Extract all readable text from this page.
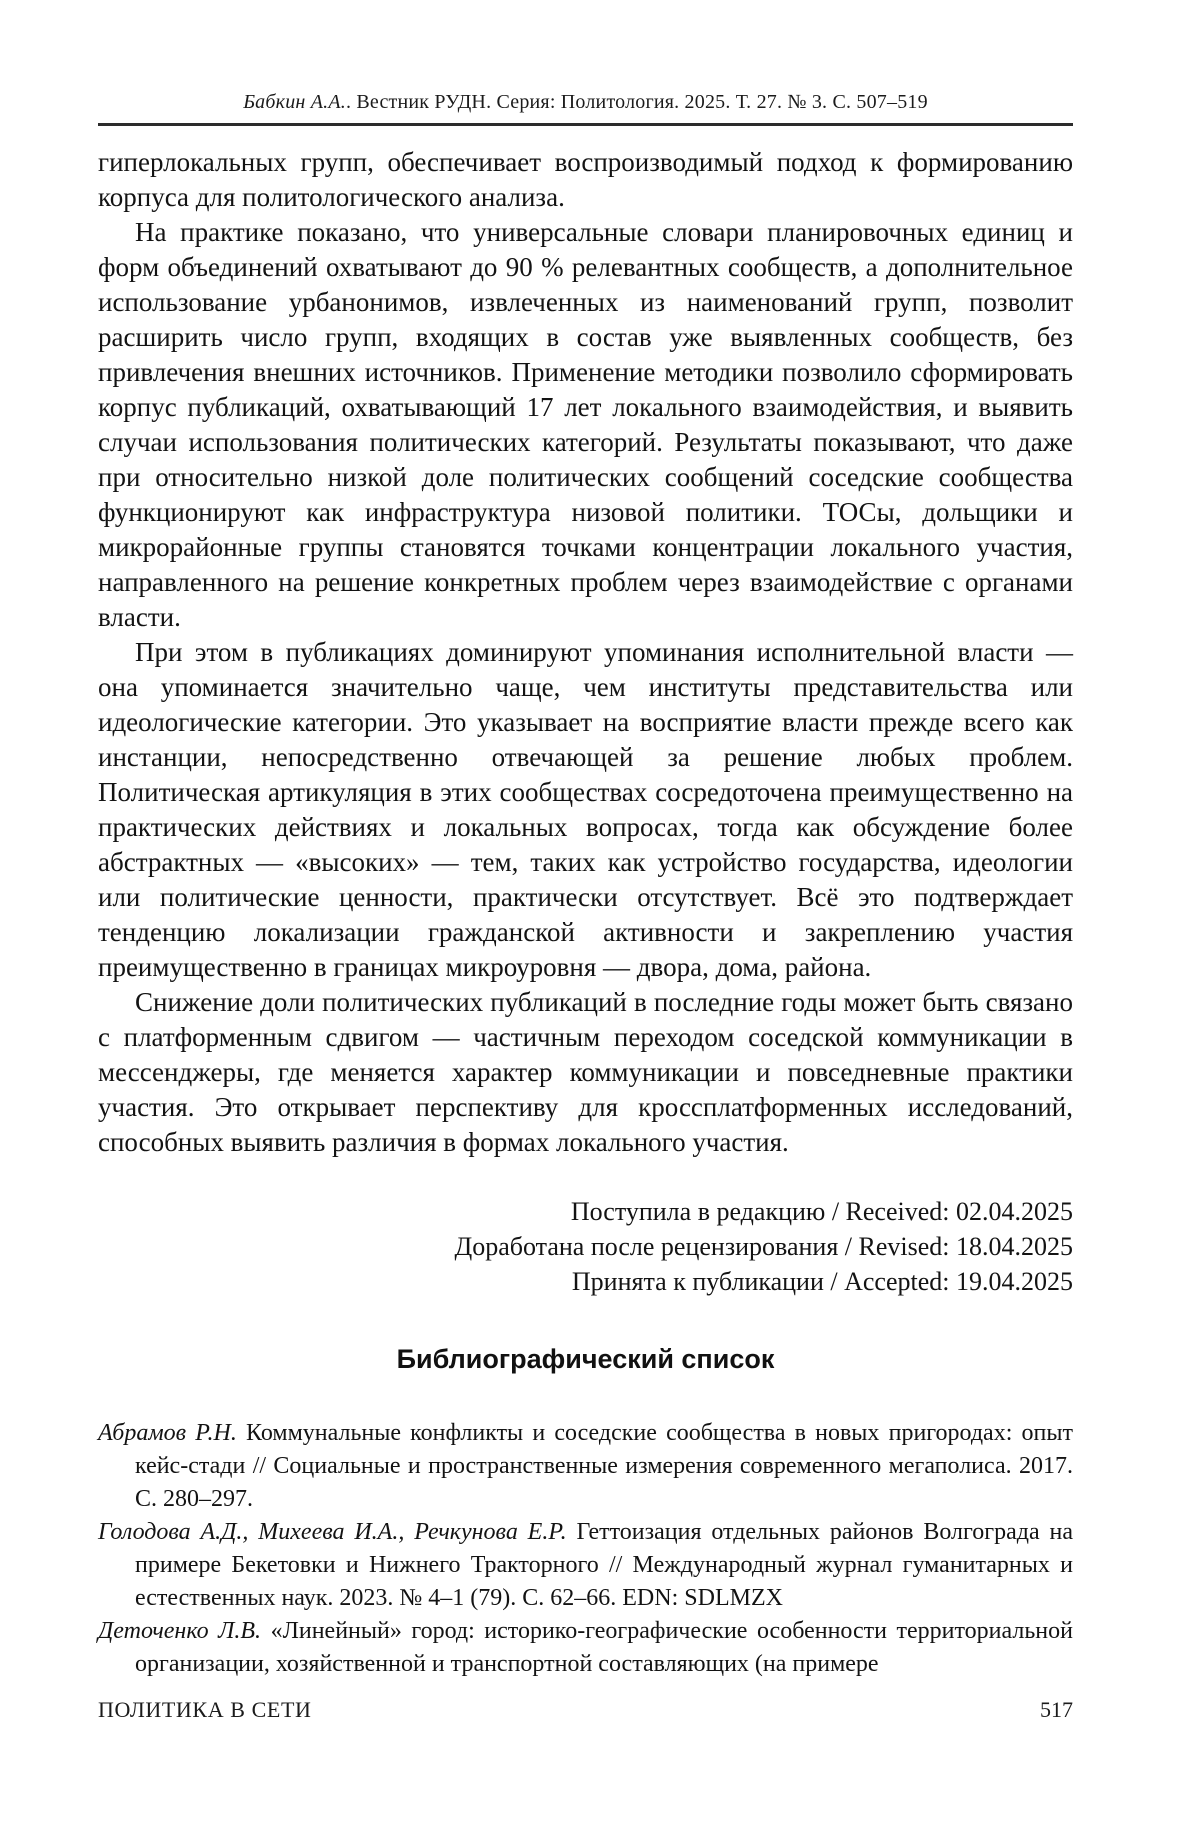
Бабкин А.А.. Вестник РУДН. Серия: Политология. 2025. Т. 27. № 3. С. 507–519

гиперлокальных групп, обеспечивает воспроизводимый подход к формированию корпуса для политологического анализа.

На практике показано, что универсальные словари планировочных единиц и форм объединений охватывают до 90 % релевантных сообществ, а дополнительное использование урбанонимов, извлеченных из наименований групп, позволит расширить число групп, входящих в состав уже выявленных сообществ, без привлечения внешних источников. Применение методики позволило сформировать корпус публикаций, охватывающий 17 лет локального взаимодействия, и выявить случаи использования политических категорий. Результаты показывают, что даже при относительно низкой доле политических сообщений соседские сообщества функционируют как инфраструктура низовой политики. ТОСы, дольщики и микрорайонные группы становятся точками концентрации локального участия, направленного на решение конкретных проблем через взаимодействие с органами власти.

При этом в публикациях доминируют упоминания исполнительной власти — она упоминается значительно чаще, чем институты представительства или идеологические категории. Это указывает на восприятие власти прежде всего как инстанции, непосредственно отвечающей за решение любых проблем. Политическая артикуляция в этих сообществах сосредоточена преимущественно на практических действиях и локальных вопросах, тогда как обсуждение более абстрактных — «высоких» — тем, таких как устройство государства, идеологии или политические ценности, практически отсутствует. Всё это подтверждает тенденцию локализации гражданской активности и закреплению участия преимущественно в границах микроуровня — двора, дома, района.

Снижение доли политических публикаций в последние годы может быть связано с платформенным сдвигом — частичным переходом соседской коммуникации в мессенджеры, где меняется характер коммуникации и повседневные практики участия. Это открывает перспективу для кроссплатформенных исследований, способных выявить различия в формах локального участия.

Поступила в редакцию / Received: 02.04.2025
Доработана после рецензирования / Revised: 18.04.2025
Принята к публикации / Accepted: 19.04.2025
Библиографический список

Абрамов Р.Н. Коммунальные конфликты и соседские сообщества в новых пригородах: опыт кейс-стади // Социальные и пространственные измерения современного мегаполиса. 2017. С. 280–297.

Голодова А.Д., Михеева И.А., Речкунова Е.Р. Геттоизация отдельных районов Волгограда на примере Бекетовки и Нижнего Тракторного // Международный журнал гуманитарных и естественных наук. 2023. № 4–1 (79). С. 62–66. EDN: SDLMZX

Деточенко Л.В. «Линейный» город: историко-географические особенности территориальной организации, хозяйственной и транспортной составляющих (на примере

ПОЛИТИКА В СЕТИ	517
